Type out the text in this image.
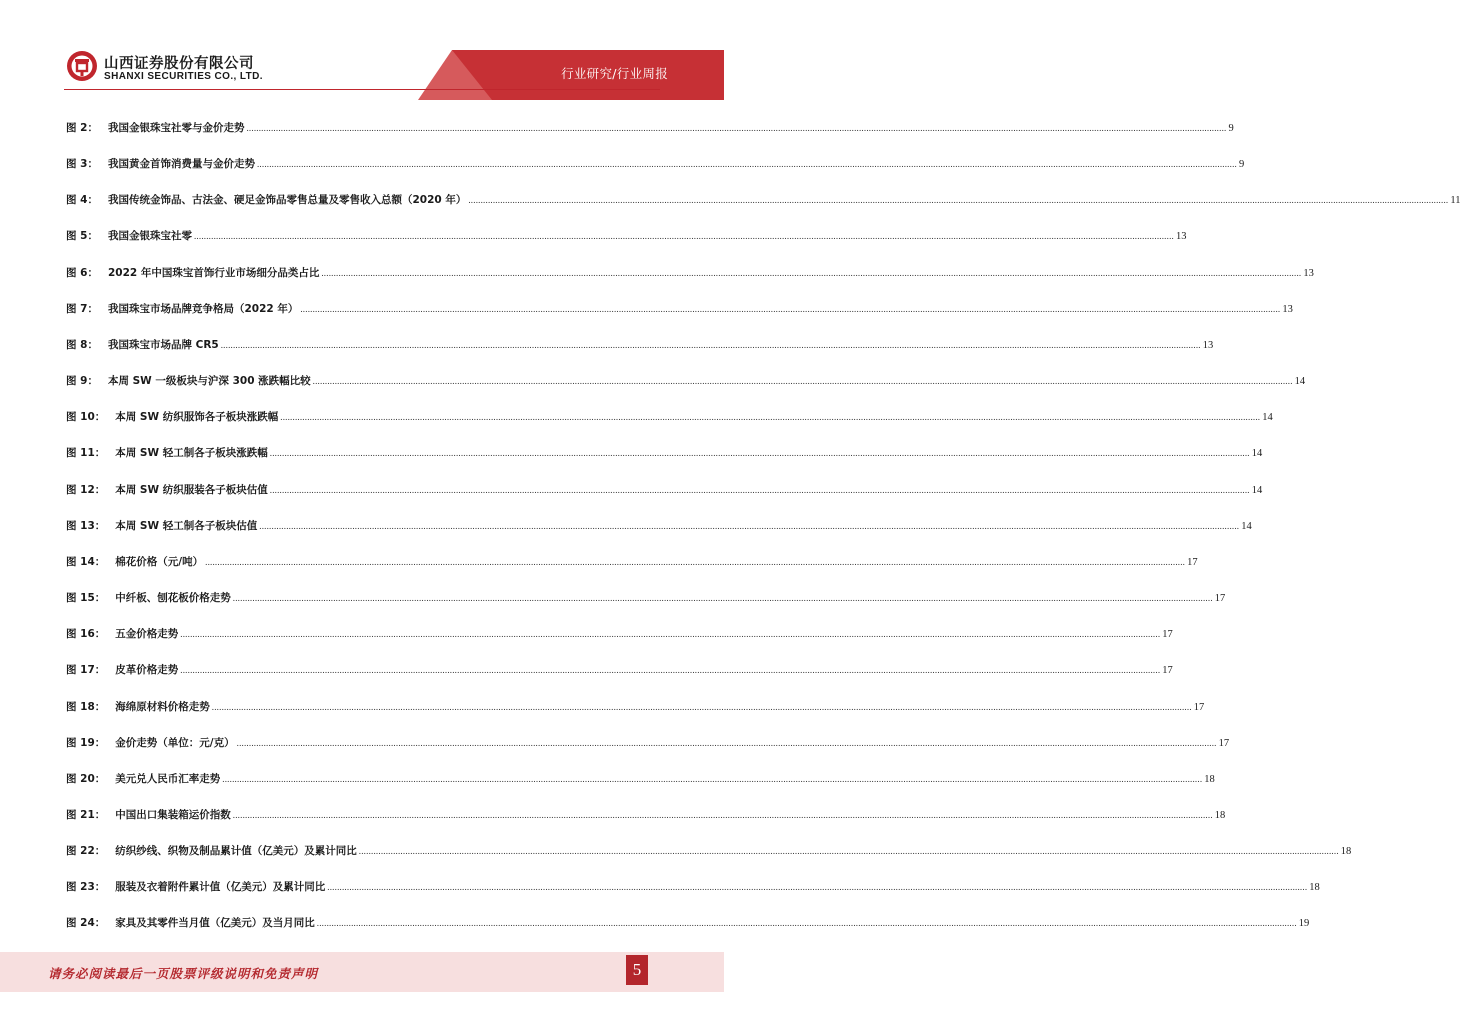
山西证券股份有限公司
SHANXI SECURITIES CO., LTD.	行业研究/行业周报
图 2： 我国金银珠宝社零与金价走势 ................................................................................................................................................................................................................................................................................................................................................................................................................ 9
图 3： 我国黄金首饰消费量与金价走势 ................................................................................................................................................................................................................................................................................................................................................................................................................ 9
图 4： 我国传统金饰品、古法金、硬足金饰品零售总量及零售收入总额（2020 年） ................................................................................................................................................................................................................................................................................................................................................................................................................ 11
图 5： 我国金银珠宝社零 ................................................................................................................................................................................................................................................................................................................................................................................................................ 13
图 6： 2022 年中国珠宝首饰行业市场细分品类占比 ................................................................................................................................................................................................................................................................................................................................................................................................................ 13
图 7： 我国珠宝市场品牌竞争格局（2022 年） ................................................................................................................................................................................................................................................................................................................................................................................................................ 13
图 8： 我国珠宝市场品牌 CR5 ................................................................................................................................................................................................................................................................................................................................................................................................................ 13
图 9： 本周 SW 一级板块与沪深 300 涨跌幅比较 ................................................................................................................................................................................................................................................................................................................................................................................................................ 14
图 10： 本周 SW 纺织服饰各子板块涨跌幅 ................................................................................................................................................................................................................................................................................................................................................................................................................ 14
图 11： 本周 SW 轻工制各子板块涨跌幅 ................................................................................................................................................................................................................................................................................................................................................................................................................ 14
图 12： 本周 SW 纺织服装各子板块估值 ................................................................................................................................................................................................................................................................................................................................................................................................................ 14
图 13： 本周 SW 轻工制各子板块估值 ................................................................................................................................................................................................................................................................................................................................................................................................................ 14
图 14： 棉花价格（元/吨） ................................................................................................................................................................................................................................................................................................................................................................................................................ 17
图 15： 中纤板、刨花板价格走势 ................................................................................................................................................................................................................................................................................................................................................................................................................ 17
图 16： 五金价格走势 ................................................................................................................................................................................................................................................................................................................................................................................................................ 17
图 17： 皮革价格走势 ................................................................................................................................................................................................................................................................................................................................................................................................................ 17
图 18： 海绵原材料价格走势 ................................................................................................................................................................................................................................................................................................................................................................................................................ 17
图 19： 金价走势（单位：元/克） ................................................................................................................................................................................................................................................................................................................................................................................................................ 17
图 20： 美元兑人民币汇率走势 ................................................................................................................................................................................................................................................................................................................................................................................................................ 18
图 21： 中国出口集装箱运价指数 ................................................................................................................................................................................................................................................................................................................................................................................................................ 18
图 22： 纺织纱线、织物及制品累计值（亿美元）及累计同比 ................................................................................................................................................................................................................................................................................................................................................................................................................ 18
图 23： 服装及衣着附件累计值（亿美元）及累计同比 ................................................................................................................................................................................................................................................................................................................................................................................................................ 18
图 24： 家具及其零件当月值（亿美元）及当月同比 ................................................................................................................................................................................................................................................................................................................................................................................................................ 19
请务必阅读最后一页股票评级说明和免责声明	5
